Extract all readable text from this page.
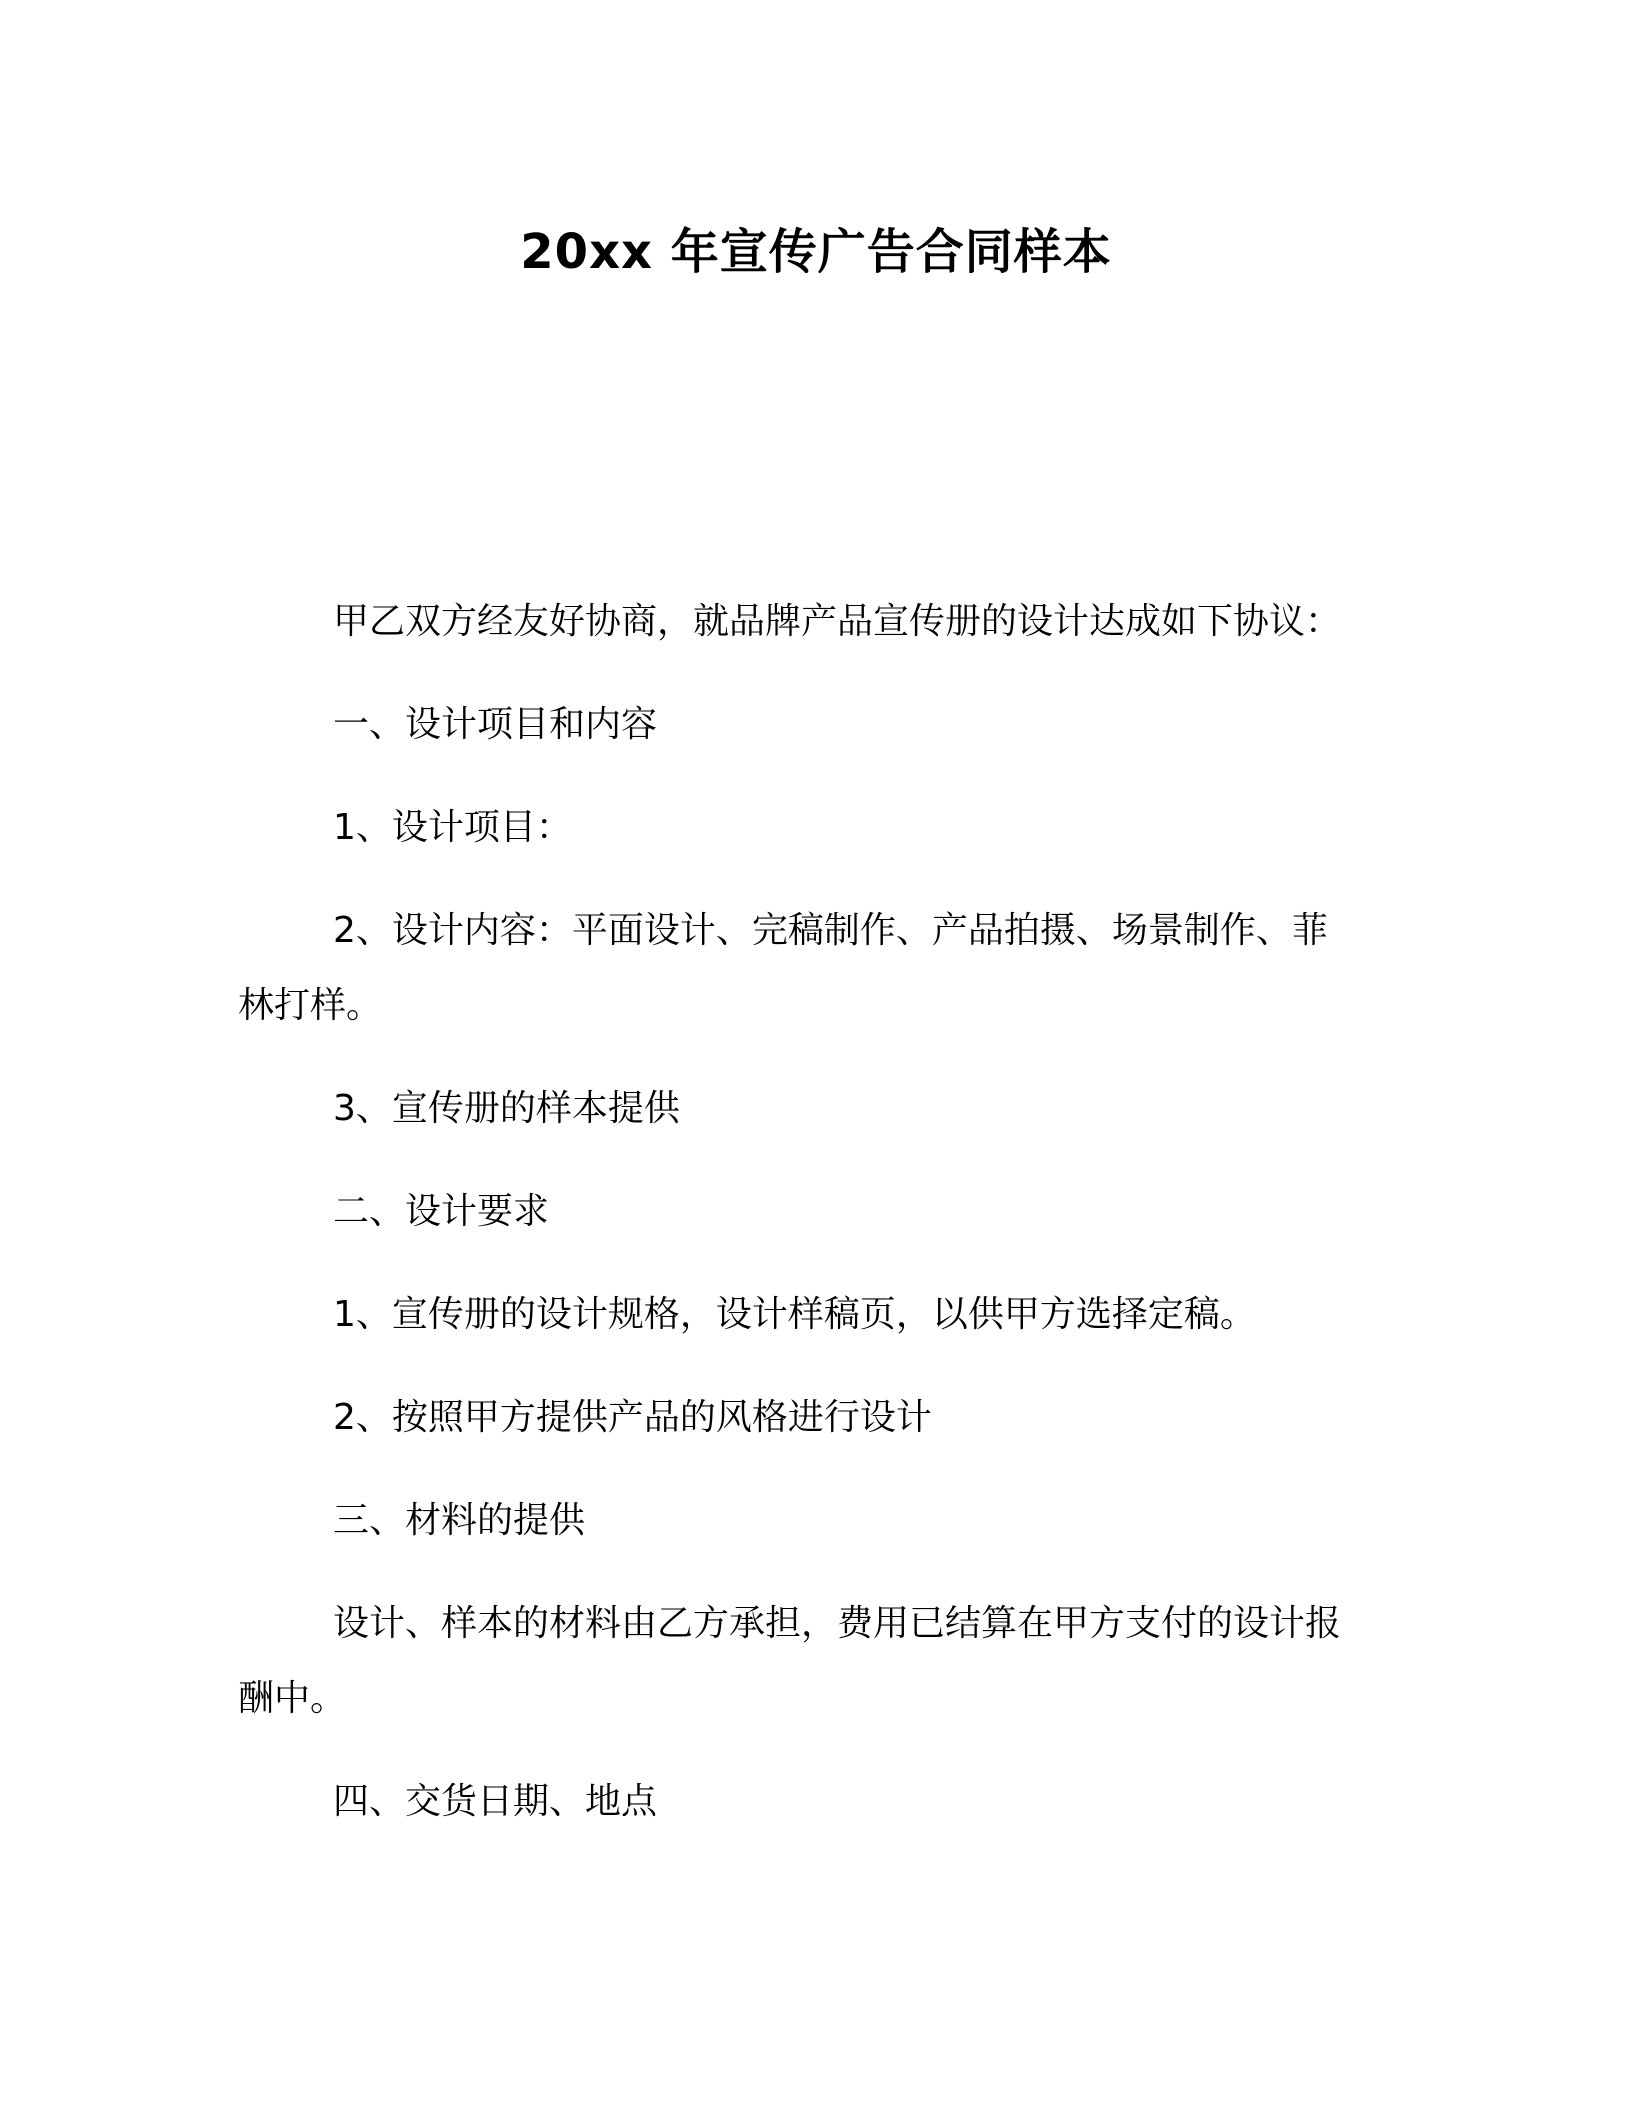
20xx 年宣传广告合同样本
甲乙双方经友好协商，就品牌产品宣传册的设计达成如下协议：
一、设计项目和内容
1、设计项目：
2、设计内容：平面设计、完稿制作、产品拍摄、场景制作、菲
林打样。
3、宣传册的样本提供
二、设计要求
1、宣传册的设计规格，设计样稿页，以供甲方选择定稿。
2、按照甲方提供产品的风格进行设计
三、材料的提供
设计、样本的材料由乙方承担，费用已结算在甲方支付的设计报
酬中。
四、交货日期、地点
